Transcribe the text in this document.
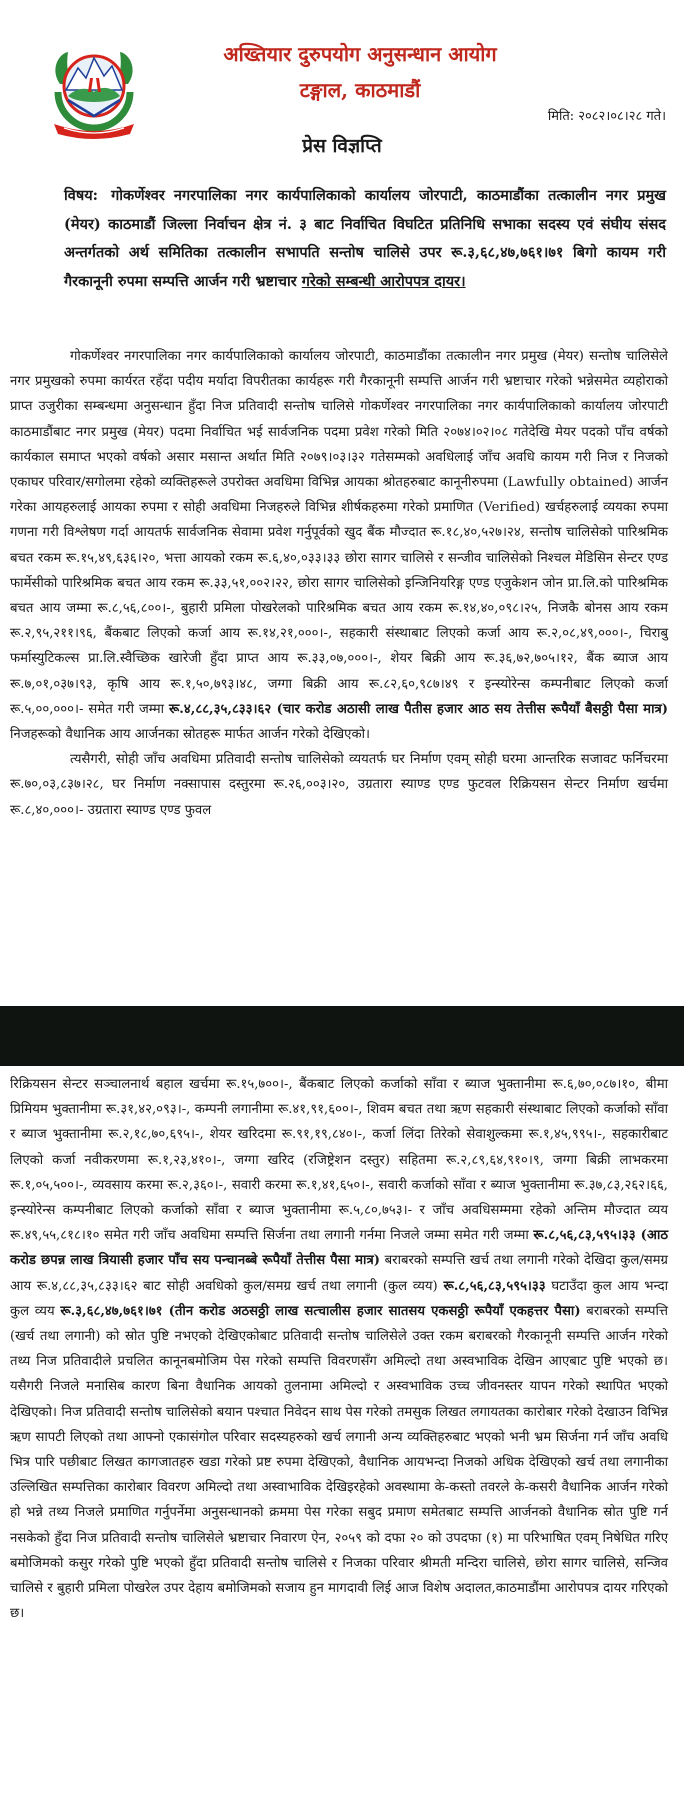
अख्तियार दुरुपयोग अनुसन्धान आयोग
टङ्गाल, काठमाडौं
मिति: २०८२।०८।२८ गते।
प्रेस विज्ञप्ति
विषय: गोकर्णेश्वर नगरपालिका नगर कार्यपालिकाको कार्यालय जोरपाटी, काठमाडौंका तत्कालीन नगर प्रमुख (मेयर) काठमाडौं जिल्ला निर्वाचन क्षेत्र नं. ३ बाट निर्वाचित विघटित प्रतिनिधि सभाका सदस्य एवं संघीय संसद अन्तर्गतको अर्थ समितिका तत्कालीन सभापति सन्तोष चालिसे उपर रू.३,६८,४७,७६१।७१ बिगो कायम गरी गैरकानूनी रुपमा सम्पत्ति आर्जन गरी भ्रष्टाचार गरेको सम्बन्धी आरोपपत्र दायर।

गोकर्णेश्वर नगरपालिका नगर कार्यपालिकाको कार्यालय जोरपाटी, काठमाडौंका तत्कालीन नगर प्रमुख (मेयर) सन्तोष चालिसेले नगर प्रमुखको रुपमा कार्यरत रहँदा पदीय मर्यादा विपरीतका कार्यहरू गरी गैरकानूनी सम्पत्ति आर्जन गरी भ्रष्टाचार गरेको भन्नेसमेत व्यहोराको प्राप्त उजुरीका सम्बन्धमा अनुसन्धान हुँदा निज प्रतिवादी सन्तोष चालिसे गोकर्णेश्वर नगरपालिका नगर कार्यपालिकाको कार्यालय जोरपाटी काठमाडौंबाट नगर प्रमुख (मेयर) पदमा निर्वाचित भई सार्वजनिक पदमा प्रवेश गरेको मिति २०७४।०२।०८ गतेदेखि मेयर पदको पाँच वर्षको कार्यकाल समाप्त भएको वर्षको असार मसान्त अर्थात मिति २०७९।०३।३२ गतेसम्मको अवधिलाई जाँच अवधि कायम गरी निज र निजको एकाघर परिवार/सगोलमा रहेको व्यक्तिहरूले उपरोक्त अवधिमा विभिन्न आयका श्रोतहरुबाट कानूनीरुपमा (Lawfully obtained) आर्जन गरेका आयहरुलाई आयका रुपमा र सोही अवधिमा निजहरुले विभिन्न शीर्षकहरुमा गरेको प्रमाणित (Verified) खर्चहरुलाई व्ययका रुपमा गणना गरी विश्लेषण गर्दा आयतर्फ सार्वजनिक सेवामा प्रवेश गर्नुपूर्वको खुद बैंक मौज्दात रू.१८,४०,५२७।२४, सन्तोष चालिसेको पारिश्रमिक बचत रकम रू.१५,४९,६३६।२०, भत्ता आयको रकम रू.६,४०,०३३।३३ छोरा सागर चालिसे र सन्जीव चालिसेको निश्चल मेडिसिन सेन्टर एण्ड फार्मेसीको पारिश्रमिक बचत आय रकम रू.३३,५१,००२।२२, छोरा सागर चालिसेको इन्जिनियरिङ्ग एण्ड एजुकेशन जोन प्रा.लि.को पारिश्रमिक बचत आय जम्मा रू.८,५६,८००।-, बुहारी प्रमिला पोखरेलको पारिश्रमिक बचत आय रकम रू.१४,४०,०९८।२५, निजकै बोनस आय रकम रू.२,९५,२११।९६, बैंकबाट लिएको कर्जा आय रू.१४,२१,०००।-, सहकारी संस्थाबाट लिएको कर्जा आय रू.२,०८,४९,०००।-, चिराबु फर्मास्युटिकल्स प्रा.लि.स्वैच्छिक खारेजी हुँदा प्राप्त आय रू.३३,०७,०००।-, शेयर बिक्री आय रू.३६,७२,७०५।१२, बैंक ब्याज आय रू.७,०१,०३७।९३, कृषि आय रू.१,५०,७९३।४८, जग्गा बिक्री आय रू.८२,६०,९८७।४९ र इन्स्योरेन्स कम्पनीबाट लिएको कर्जा रू.५,००,०००।- समेत गरी जम्मा रू.४,८८,३५,८३३।६२ (चार करोड अठासी लाख पैतीस हजार आठ सय तेत्तीस रूपैयाँ बैसठ्ठी पैसा मात्र) निजहरूको वैधानिक आय आर्जनका स्रोतहरू मार्फत आर्जन गरेको देखिएको।

त्यसैगरी, सोही जाँच अवधिमा प्रतिवादी सन्तोष चालिसेको व्ययतर्फ घर निर्माण एवम् सोही घरमा आन्तरिक सजावट फर्निचरमा रू.७०,०३,८३७।२८, घर निर्माण नक्सापास दस्तुरमा रू.२६,००३।२०, उग्रतारा स्याण्ड एण्ड फुटवल रिक्रियसन सेन्टर निर्माण खर्चमा रू.८,४०,०००।- उग्रतारा स्याण्ड एण्ड फुवल

रिक्रियसन सेन्टर सञ्चालनार्थ बहाल खर्चमा रू.१५,७००।-, बैंकबाट लिएको कर्जाको साँवा र ब्याज भुक्तानीमा रू.६,७०,०८७।१०, बीमा प्रिमियम भुक्तानीमा रू.३१,४२,०९३।-, कम्पनी लगानीमा रू.४१,९१,६००।-, शिवम बचत तथा ऋण सहकारी संस्थाबाट लिएको कर्जाको साँवा र ब्याज भुक्तानीमा रू.२,१८,७०,६९५।-, शेयर खरिदमा रू.९१,१९,८४०।-, कर्जा लिंदा तिरेको सेवाशुल्कमा रू.१,४५,९९५।-, सहकारीबाट लिएको कर्जा नवीकरणमा रू.१,२३,४१०।-, जग्गा खरिद (रजिष्ट्रेशन दस्तुर) सहितमा रू.२,८९,६४,९१०।९, जग्गा बिक्री लाभकरमा रू.१,०५,५००।-, व्यवसाय करमा रू.२,३६०।-, सवारी करमा रू.१,४१,६५०।-, सवारी कर्जाको साँवा र ब्याज भुक्तानीमा रू.३७,८३,२६२।६६, इन्स्योरेन्स कम्पनीबाट लिएको कर्जाको साँवा र ब्याज भुक्तानीमा रू.५,८०,७५३।- र जाँच अवधिसम्ममा रहेको अन्तिम मौज्दात व्यय रू.४९,५५,८१८।१० समेत गरी जाँच अवधिमा सम्पत्ति सिर्जना तथा लगानी गर्नमा निजले जम्मा समेत गरी जम्मा रू.८,५६,८३,५९५।३३ (आठ करोड छपन्न लाख त्रियासी हजार पाँच सय पन्चानब्बे रूपैयाँ तेत्तीस पैसा मात्र) बराबरको सम्पत्ति खर्च तथा लगानी गरेको देखिदा कुल/समग्र आय रू.४,८८,३५,८३३।६२ बाट सोही अवधिको कुल/समग्र खर्च तथा लगानी (कुल व्यय) रू.८,५६,८३,५९५।३३ घटाउँदा कुल आय भन्दा कुल व्यय रू.३,६८,४७,७६१।७१ (तीन करोड अठसठ्ठी लाख सत्चालीस हजार सातसय एकसठ्ठी रूपैयाँ एकहत्तर पैसा) बराबरको सम्पत्ति (खर्च तथा लगानी) को स्रोत पुष्टि नभएको देखिएकोबाट प्रतिवादी सन्तोष चालिसेले उक्त रकम बराबरको गैरकानूनी सम्पत्ति आर्जन गरेको तथ्य निज प्रतिवादीले प्रचलित कानूनबमोजिम पेस गरेको सम्पत्ति विवरणसँग अमिल्दो तथा अस्वभाविक देखिन आएबाट पुष्टि भएको छ।यसैगरी निजले मनासिब कारण बिना वैधानिक आयको तुलनामा अमिल्दो र अस्वभाविक उच्च जीवनस्तर यापन गरेको स्थापित भएको देखिएको। निज प्रतिवादी सन्तोष चालिसेको बयान पश्चात निवेदन साथ पेस गरेको तमसुक लिखत लगायतका कारोबार गरेको देखाउन विभिन्न ऋण सापटी लिएको तथा आफ्नो एकासंगोल परिवार सदस्यहरुको खर्च लगानी अन्य व्यक्तिहरुबाट भएको भनी भ्रम सिर्जना गर्न जाँच अवधि भित्र पारि पछीबाट लिखत कागजातहरु खडा गरेको प्रष्ट रुपमा देखिएको, वैधानिक आयभन्दा निजको अधिक देखिएको खर्च तथा लगानीका उल्लिखित सम्पत्तिका कारोबार विवरण अमिल्दो तथा अस्वाभाविक देखिइरहेको अवस्थामा के-कस्तो तवरले के-कसरी वैधानिक आर्जन गरेको हो भन्ने तथ्य निजले प्रमाणित गर्नुपर्नेमा अनुसन्धानको क्रममा पेस गरेका सबुद प्रमाण समेतबाट सम्पत्ति आर्जनको वैधानिक स्रोत पुष्टि गर्न नसकेको हुँदा निज प्रतिवादी सन्तोष चालिसेले भ्रष्टाचार निवारण ऐन, २०५९ को दफा २० को उपदफा (१) मा परिभाषित एवम् निषेधित गरिए बमोजिमको कसुर गरेको पुष्टि भएको हुँदा प्रतिवादी सन्तोष चालिसे र निजका परिवार श्रीमती मन्दिरा चालिसे, छोरा सागर चालिसे, सन्जिव चालिसे र बुहारी प्रमिला पोखरेल उपर देहाय बमोजिमको सजाय हुन मागदावी लिई आज विशेष अदालत,काठमाडौंमा आरोपपत्र दायर गरिएको छ।
